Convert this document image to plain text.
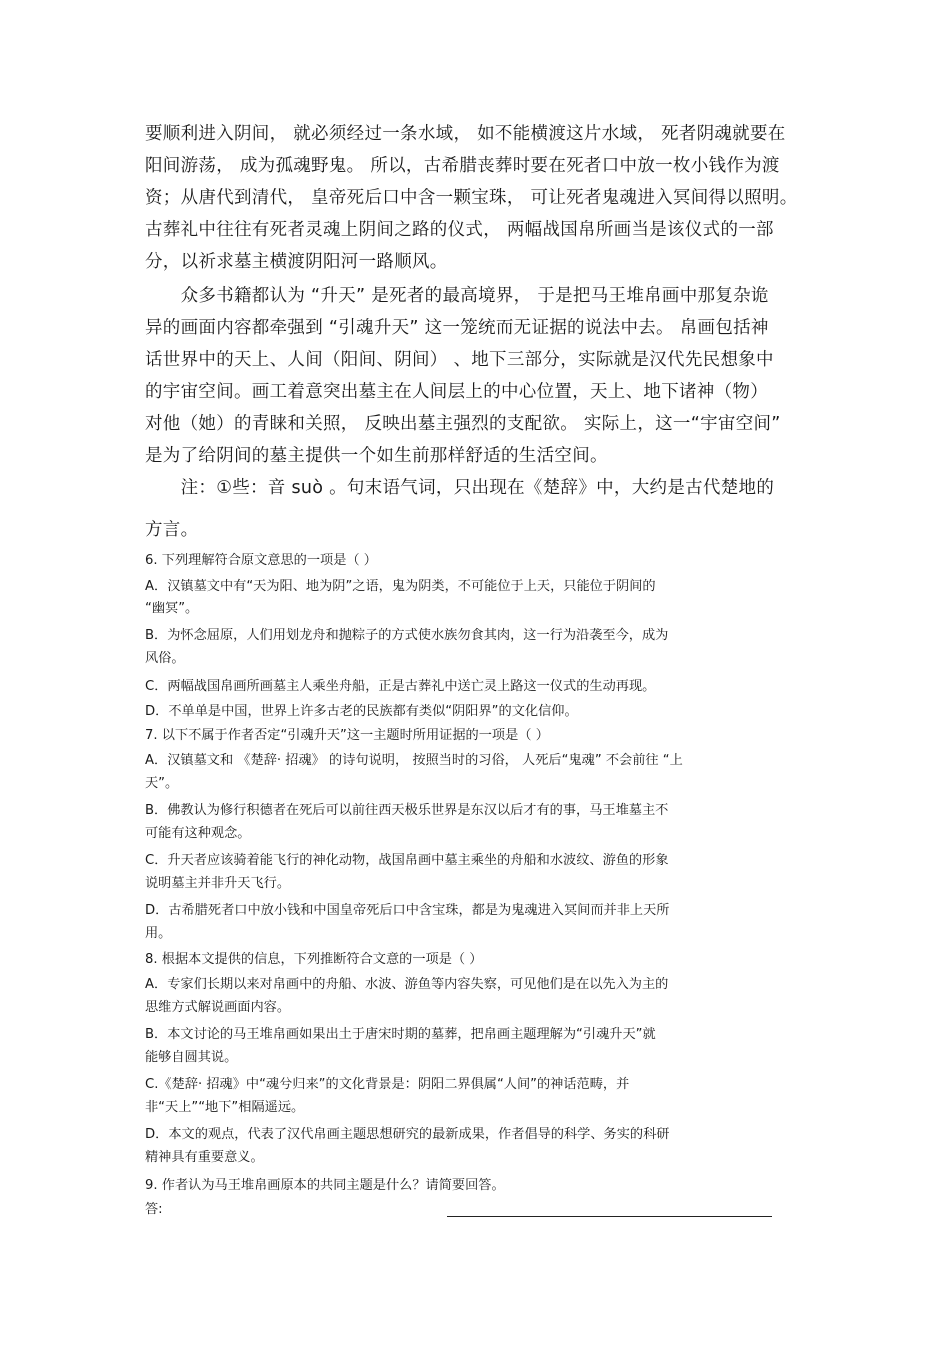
要顺利进入阴间， 就必须经过一条水域， 如不能横渡这片水域， 死者阴魂就要在
阳间游荡， 成为孤魂野鬼。 所以，古希腊丧葬时要在死者口中放一枚小钱作为渡
资；从唐代到清代， 皇帝死后口中含一颗宝珠， 可让死者鬼魂进入冥间得以照明。
古葬礼中往往有死者灵魂上阴间之路的仪式， 两幅战国帛所画当是该仪式的一部
分，以祈求墓主横渡阴阳河一路顺风。
　　众多书籍都认为 “升天” 是死者的最高境界， 于是把马王堆帛画中那复杂诡
异的画面内容都牵强到 “引魂升天” 这一笼统而无证据的说法中去。 帛画包括神
话世界中的天上、人间（阳间、阴间） 、地下三部分，实际就是汉代先民想象中
的宇宙空间。画工着意突出墓主在人间层上的中心位置，天上、地下诸神（物）
对他（她）的青睐和关照， 反映出墓主强烈的支配欲。 实际上，这一“宇宙空间”
是为了给阴间的墓主提供一个如生前那样舒适的生活空间。
　　注：①些：音 suò 。句末语气词，只出现在《楚辞》中，大约是古代楚地的
方言。
6. 下列理解符合原文意思的一项是（ ）
A．汉镇墓文中有“天为阳、地为阴”之语，鬼为阴类，不可能位于上天，只能位于阴间的
“幽冥”。
B．为怀念屈原，人们用划龙舟和抛粽子的方式使水族勿食其肉，这一行为沿袭至今，成为
风俗。
C．两幅战国帛画所画墓主人乘坐舟船，正是古葬礼中送亡灵上路这一仪式的生动再现。
D．不单单是中国，世界上许多古老的民族都有类似“阴阳界”的文化信仰。
7. 以下不属于作者否定“引魂升天”这一主题时所用证据的一项是（ ）
A．汉镇墓文和 《楚辞· 招魂》 的诗句说明， 按照当时的习俗， 人死后“鬼魂” 不会前往 “上
天”。
B．佛教认为修行积德者在死后可以前往西天极乐世界是东汉以后才有的事，马王堆墓主不
可能有这种观念。
C．升天者应该骑着能飞行的神化动物，战国帛画中墓主乘坐的舟船和水波纹、游鱼的形象
说明墓主并非升天飞行。
D．古希腊死者口中放小钱和中国皇帝死后口中含宝珠，都是为鬼魂进入冥间而并非上天所
用。
8. 根据本文提供的信息，下列推断符合文意的一项是（ ）
A．专家们长期以来对帛画中的舟船、水波、游鱼等内容失察，可见他们是在以先入为主的
思维方式解说画面内容。
B．本文讨论的马王堆帛画如果出土于唐宋时期的墓葬，把帛画主题理解为“引魂升天”就
能够自圆其说。
C.《楚辞· 招魂》中“魂兮归来”的文化背景是：阴阳二界俱属“人间”的神话范畴，并
非“天上”“地下”相隔遥远。
D．本文的观点，代表了汉代帛画主题思想研究的最新成果，作者倡导的科学、务实的科研
精神具有重要意义。
9. 作者认为马王堆帛画原本的共同主题是什么？请简要回答。
答:
